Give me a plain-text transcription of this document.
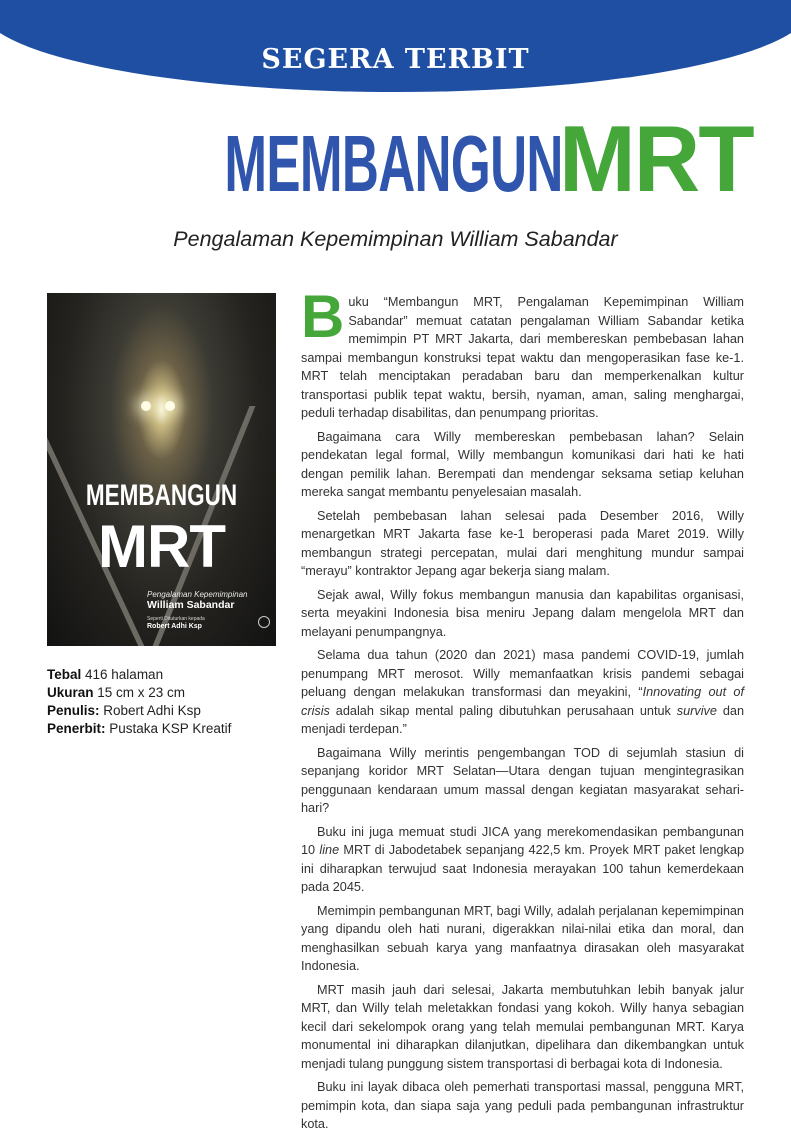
SEGERA TERBIT
MEMBANGUNMRT
Pengalaman Kepemimpinan William Sabandar
MEMBANGUN
MRT
Pengalaman Kepemimpinan
William Sabandar
Seperti Dituturkan kepada
Robert Adhi Ksp
Tebal 416 halaman
Ukuran 15 cm x 23 cm
Penulis: Robert Adhi Ksp
Penerbit: Pustaka KSP Kreatif

Buku “Membangun MRT, Pengalaman Kepemimpinan William Sabandar” memuat catatan pengalaman William Sabandar ketika memimpin PT MRT Jakarta, dari membereskan pembebasan lahan sampai membangun konstruksi tepat waktu dan mengoperasikan fase ke-1. MRT telah menciptakan peradaban baru dan memperkenalkan kultur transportasi publik tepat waktu, bersih, nyaman, aman, saling menghargai, peduli terhadap disabilitas, dan penumpang prioritas.

Bagaimana cara Willy membereskan pembebasan lahan? Selain pendekatan legal formal, Willy membangun komunikasi dari hati ke hati dengan pemilik lahan. Berempati dan mendengar seksama setiap keluhan mereka sangat membantu penyelesaian masalah.

Setelah pembebasan lahan selesai pada Desember 2016, Willy menargetkan MRT Jakarta fase ke-1 beroperasi pada Maret 2019. Willy membangun strategi percepatan, mulai dari menghitung mundur sampai “merayu” kontraktor Jepang agar bekerja siang malam.

Sejak awal, Willy fokus membangun manusia dan kapabilitas organisasi, serta meyakini Indonesia bisa meniru Jepang dalam mengelola MRT dan melayani penumpangnya.

Selama dua tahun (2020 dan 2021) masa pandemi COVID-19, jumlah penumpang MRT merosot. Willy memanfaatkan krisis pandemi sebagai peluang dengan melakukan transformasi dan meyakini, “Innovating out of crisis adalah sikap mental paling dibutuhkan perusahaan untuk survive dan menjadi terdepan.”

Bagaimana Willy merintis pengembangan TOD di sejumlah stasiun di sepanjang koridor MRT Selatan—Utara dengan tujuan mengintegrasikan penggunaan kendaraan umum massal dengan kegiatan masyarakat sehari-hari?

Buku ini juga memuat studi JICA yang merekomendasikan pembangunan 10 line MRT di Jabodetabek sepanjang 422,5 km. Proyek MRT paket lengkap ini diharapkan terwujud saat Indonesia merayakan 100 tahun kemerdekaan pada 2045.

Memimpin pembangunan MRT, bagi Willy, adalah perjalanan kepemimpinan yang dipandu oleh hati nurani, digerakkan nilai-nilai etika dan moral, dan menghasilkan sebuah karya yang manfaatnya dirasakan oleh masyarakat Indonesia.

MRT masih jauh dari selesai, Jakarta membutuhkan lebih banyak jalur MRT, dan Willy telah meletakkan fondasi yang kokoh. Willy hanya sebagian kecil dari sekelompok orang yang telah memulai pembangunan MRT. Karya monumental ini diharapkan dilanjutkan, dipelihara dan dikembangkan untuk menjadi tulang punggung sistem transportasi di berbagai kota di Indonesia.

Buku ini layak dibaca oleh pemerhati transportasi massal, pengguna MRT, pemimpin kota, dan siapa saja yang peduli pada pembangunan infrastruktur kota.
